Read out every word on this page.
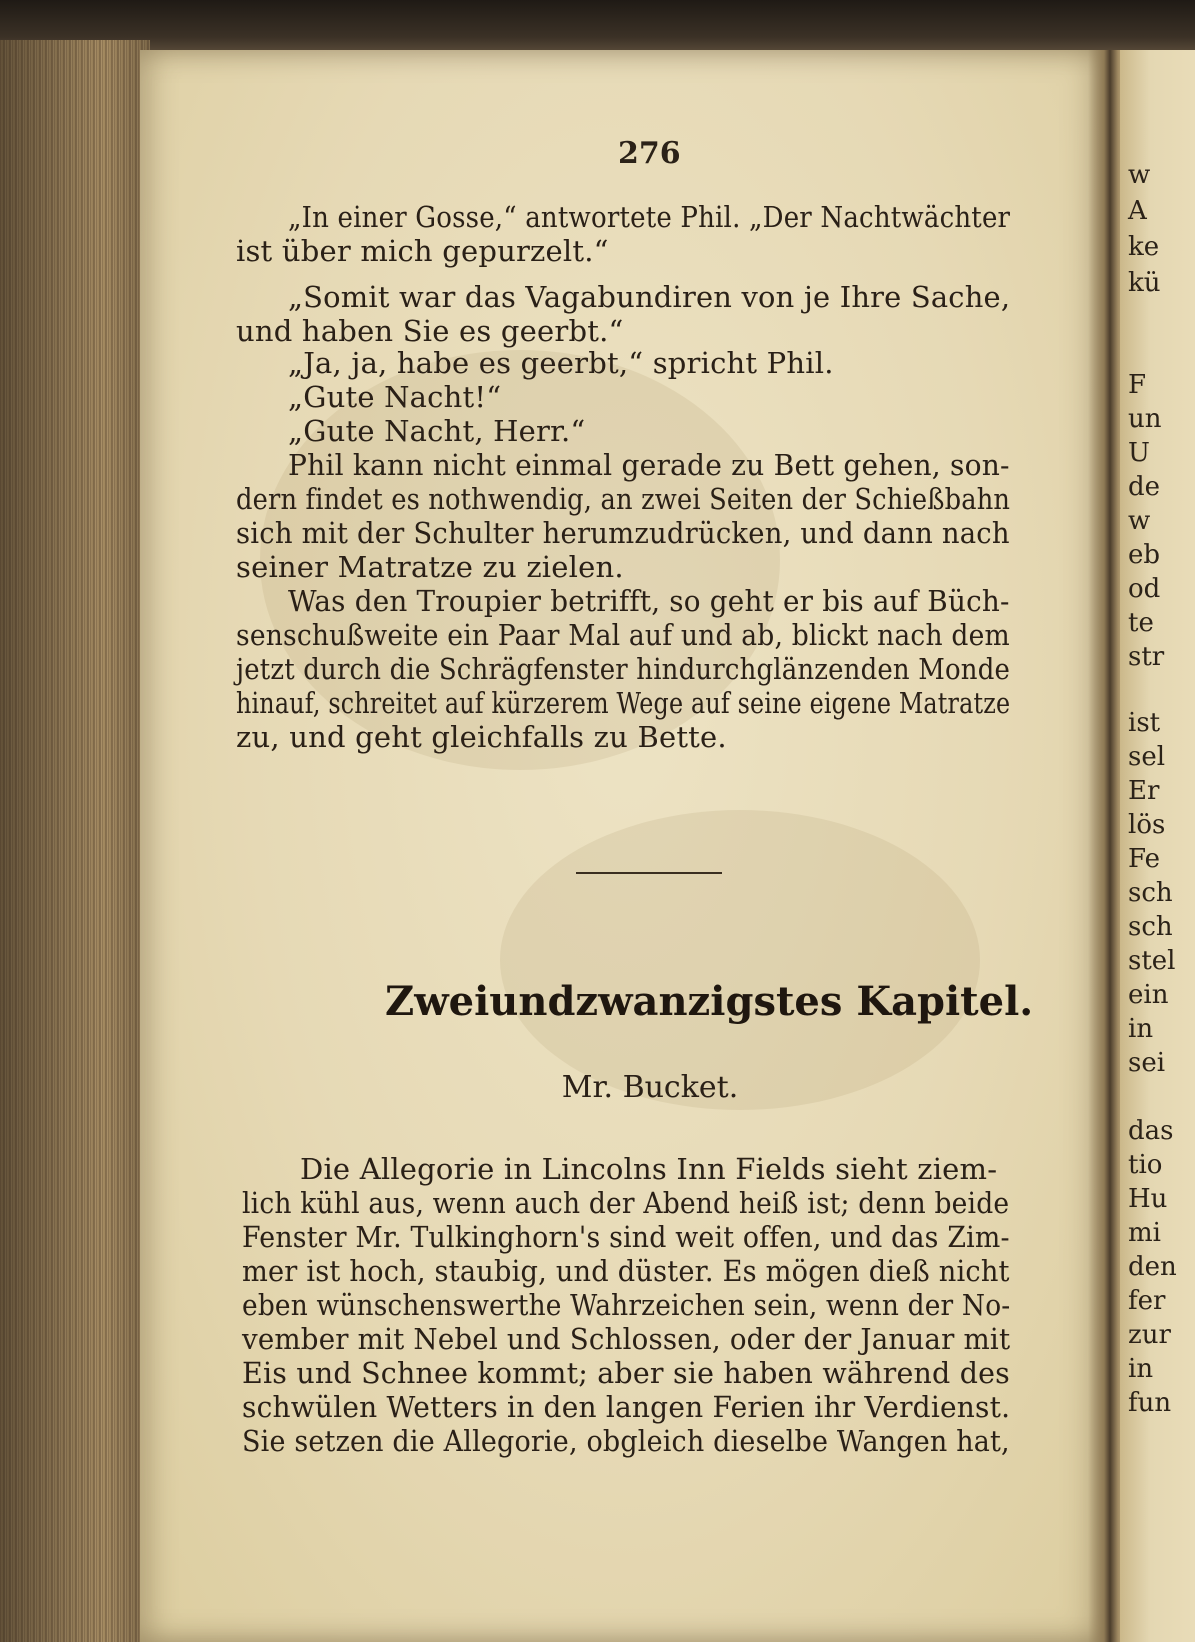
w
A
ke
kü
F
un
U
de
w
eb
od
te
str
ist
sel
Er
lös
Fe
sch
sch
stel
ein
in
sei
das
tio
Hu
mi
den
fer
zur
in
fun
276
„In einer Gosse,“ antwortete Phil. „Der Nachtwächter
ist über mich gepurzelt.“
„Somit war das Vagabundiren von je Ihre Sache,
und haben Sie es geerbt.“
„Ja, ja, habe es geerbt,“ spricht Phil.
„Gute Nacht!“
„Gute Nacht, Herr.“
Phil kann nicht einmal gerade zu Bett gehen, son-
dern findet es nothwendig, an zwei Seiten der Schießbahn
sich mit der Schulter herumzudrücken, und dann nach
seiner Matratze zu zielen.
Was den Troupier betrifft, so geht er bis auf Büch-
senschußweite ein Paar Mal auf und ab, blickt nach dem
jetzt durch die Schrägfenster hindurchglänzenden Monde
hinauf, schreitet auf kürzerem Wege auf seine eigene Matratze
zu, und geht gleichfalls zu Bette.
Zweiundzwanzigstes Kapitel.
Mr. Bucket.
Die Allegorie in Lincolns Inn Fields sieht ziem-
lich kühl aus, wenn auch der Abend heiß ist; denn beide
Fenster Mr. Tulkinghorn's sind weit offen, und das Zim-
mer ist hoch, staubig, und düster. Es mögen dieß nicht
eben wünschenswerthe Wahrzeichen sein, wenn der No-
vember mit Nebel und Schlossen, oder der Januar mit
Eis und Schnee kommt; aber sie haben während des
schwülen Wetters in den langen Ferien ihr Verdienst.
Sie setzen die Allegorie, obgleich dieselbe Wangen hat,
